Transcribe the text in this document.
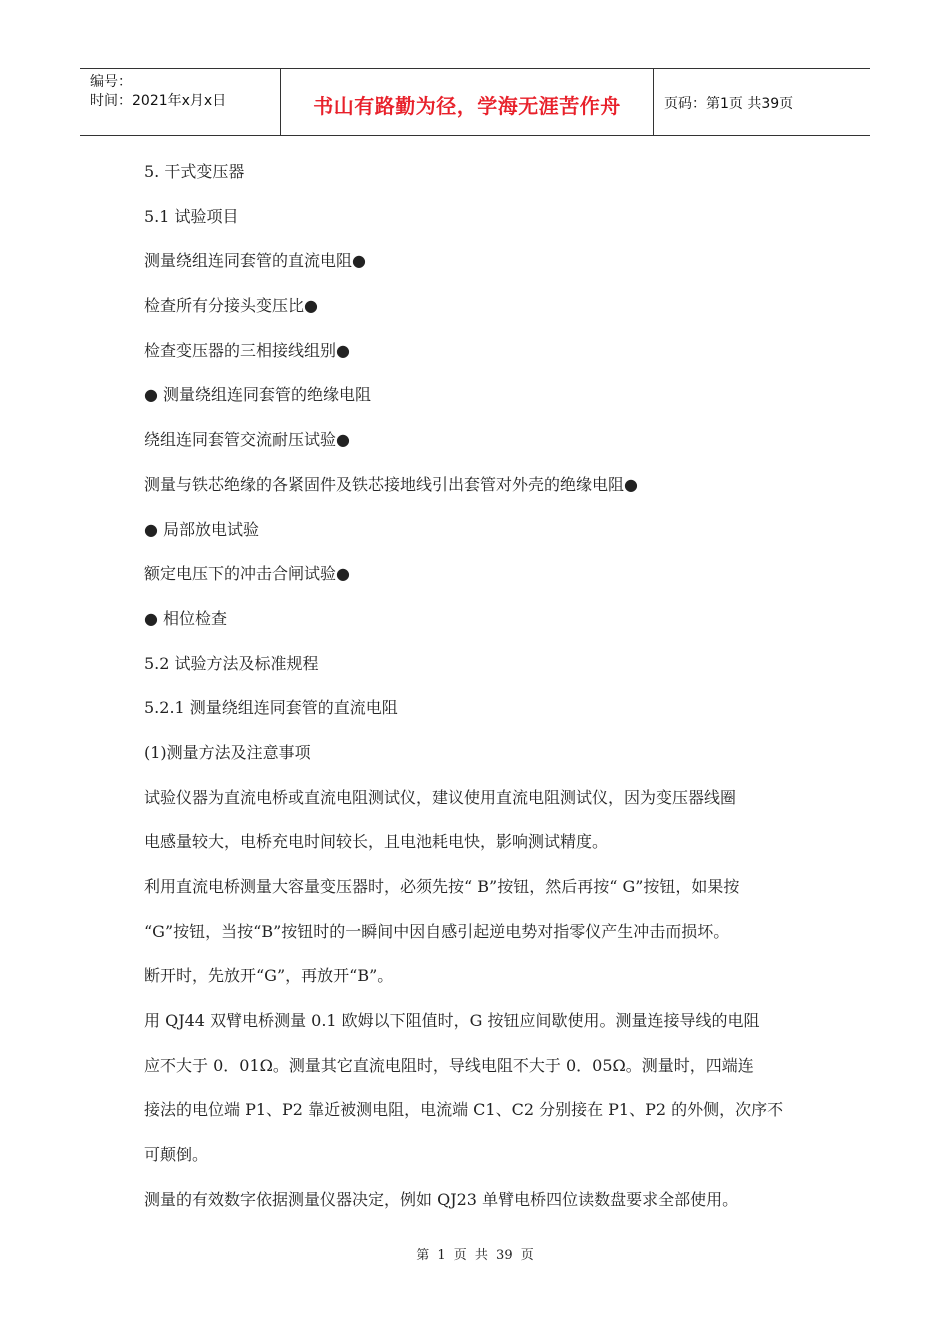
编号：
时间：2021年x月x日	书山有路勤为径，学海无涯苦作舟	页码：第1页 共39页
5. 干式变压器
5.1 试验项目
测量绕组连同套管的直流电阻●
检查所有分接头变压比●
检查变压器的三相接线组别●
● 测量绕组连同套管的绝缘电阻
绕组连同套管交流耐压试验●
测量与铁芯绝缘的各紧固件及铁芯接地线引出套管对外壳的绝缘电阻●
● 局部放电试验
额定电压下的冲击合闸试验●
● 相位检查
5.2 试验方法及标准规程
5.2.1 测量绕组连同套管的直流电阻
(1)测量方法及注意事项
试验仪器为直流电桥或直流电阻测试仪，建议使用直流电阻测试仪，因为变压器线圈
电感量较大，电桥充电时间较长，且电池耗电快，影响测试精度。
利用直流电桥测量大容量变压器时，必须先按“ B”按钮，然后再按“ G”按钮，如果按
“G”按钮，当按“B”按钮时的一瞬间中因自感引起逆电势对指零仪产生冲击而损坏。
断开时，先放开“G”，再放开“B”。
用 QJ44 双臂电桥测量 0.1 欧姆以下阻值时，G 按钮应间歇使用。测量连接导线的电阻
应不大于 0．01Ω。测量其它直流电阻时，导线电阻不大于 0．05Ω。测量时，四端连
接法的电位端 P1、P2 靠近被测电阻，电流端 C1、C2 分别接在 P1、P2 的外侧，次序不
可颠倒。
测量的有效数字依据测量仪器决定，例如 QJ23 单臂电桥四位读数盘要求全部使用。
第 1 页 共 39 页
